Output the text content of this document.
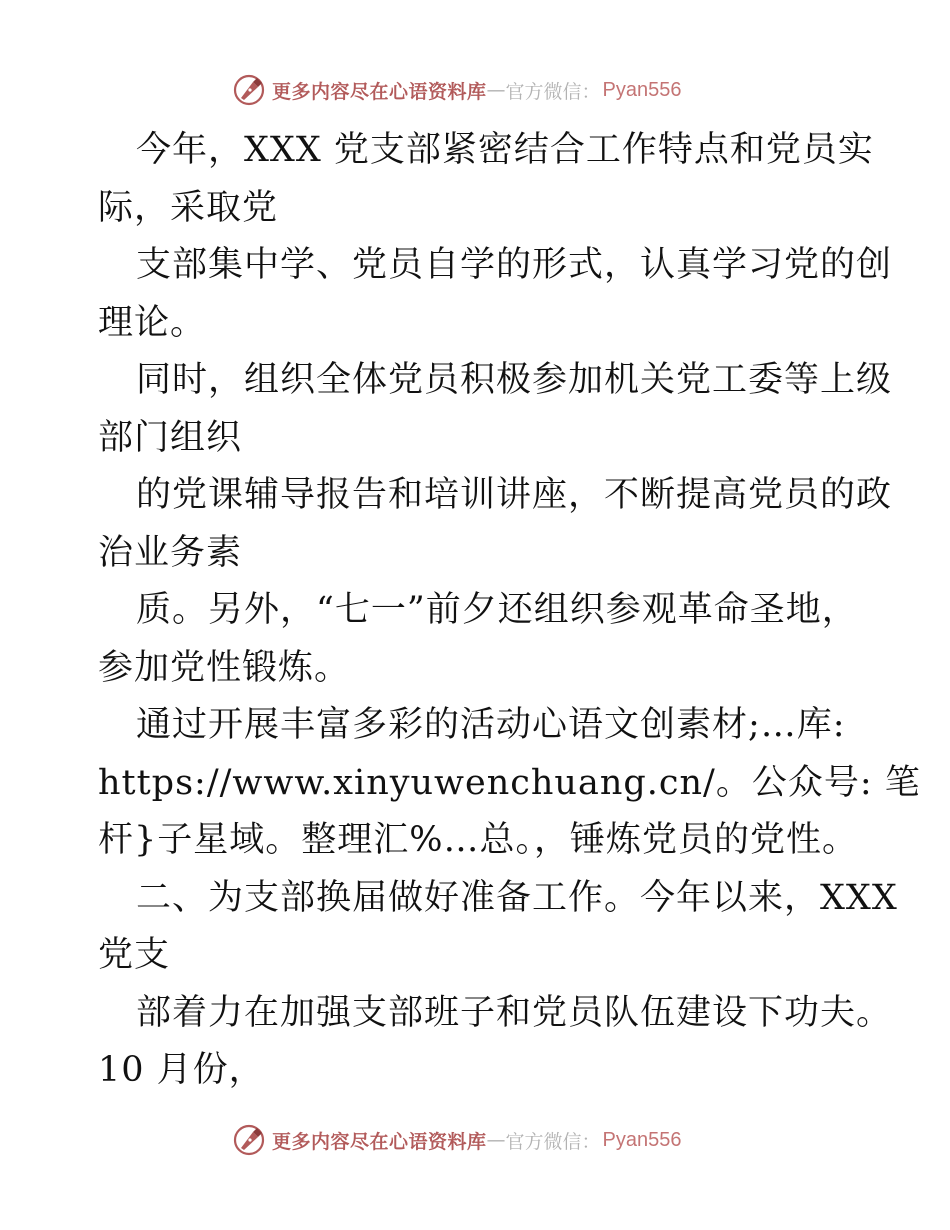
更多内容尽在心语资料库 — 官方微信： Pyan556
今年，XXX 党支部紧密结合工作特点和党员实
际，采取党
支部集中学、党员自学的形式，认真学习党的创
理论。
同时，组织全体党员积极参加机关党工委等上级
部门组织
的党课辅导报告和培训讲座，不断提高党员的政
治业务素
质。另外，“七一”前夕还组织参观革命圣地，
参加党性锻炼。
通过开展丰富多彩的活动心语文创素材;…库:
https://www.xinyuwenchuang.cn/。公众号: 笔
杆}子星域。整理汇%…总。，锤炼党员的党性。
二、为支部换届做好准备工作。今年以来，XXX
党支
部着力在加强支部班子和党员队伍建设下功夫。
10 月份，
更多内容尽在心语资料库 — 官方微信： Pyan556
